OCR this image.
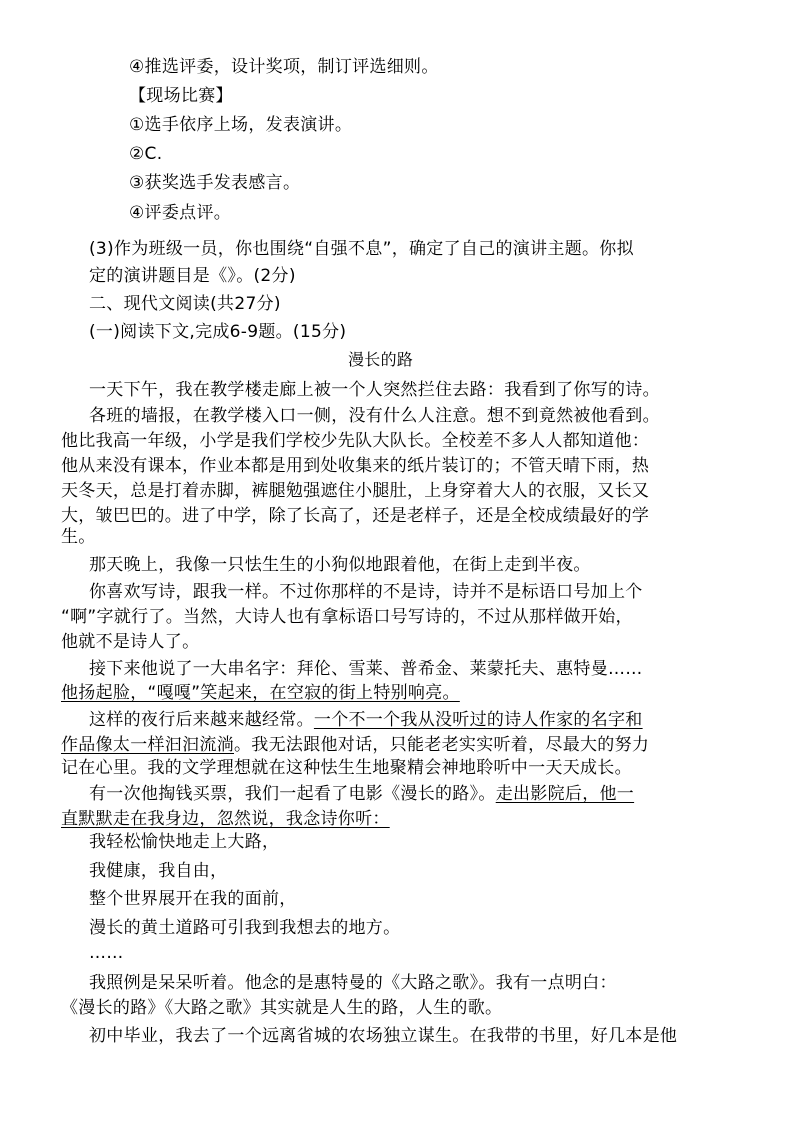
④推选评委，设计奖项，制订评选细则。
【现场比赛】
①选手依序上场，发表演讲。
②C.
③获奖选手发表感言。
④评委点评。
(3)作为班级一员，你也围绕“自强不息”，确定了自己的演讲主题。你拟
定的演讲题目是《》。(2分)
二、现代文阅读(共27分)
(一)阅读下文,完成6-9题。(15分)
漫长的路
一天下午，我在教学楼走廊上被一个人突然拦住去路：我看到了你写的诗。
各班的墙报，在教学楼入口一侧，没有什么人注意。想不到竟然被他看到。
他比我高一年级，小学是我们学校少先队大队长。全校差不多人人都知道他：
他从来没有课本，作业本都是用到处收集来的纸片装订的；不管天晴下雨，热
天冬天，总是打着赤脚，裤腿勉强遮住小腿肚，上身穿着大人的衣服，又长又
大，皱巴巴的。进了中学，除了长高了，还是老样子，还是全校成绩最好的学
生。
那天晚上，我像一只怯生生的小狗似地跟着他，在街上走到半夜。
你喜欢写诗，跟我一样。不过你那样的不是诗，诗并不是标语口号加上个
“啊”字就行了。当然，大诗人也有拿标语口号写诗的，不过从那样做开始，
他就不是诗人了。
接下来他说了一大串名字：拜伦、雪莱、普希金、莱蒙托夫、惠特曼……
他扬起脸，“嘎嘎”笑起来，在空寂的街上特别响亮。
这样的夜行后来越来越经常。一个不一个我从没听过的诗人作家的名字和
作品像太一样汩汩流淌。我无法跟他对话，只能老老实实听着，尽最大的努力
记在心里。我的文学理想就在这种怯生生地聚精会神地聆听中一天天成长。
有一次他掏钱买票，我们一起看了电影《漫长的路》。走出影院后，他一
直默默走在我身边，忽然说，我念诗你听：
我轻松愉快地走上大路，
我健康，我自由，
整个世界展开在我的面前，
漫长的黄土道路可引我到我想去的地方。
……
我照例是呆呆听着。他念的是惠特曼的《大路之歌》。我有一点明白：
《漫长的路》《大路之歌》其实就是人生的路，人生的歌。
初中毕业，我去了一个远离省城的农场独立谋生。在我带的书里，好几本是他
